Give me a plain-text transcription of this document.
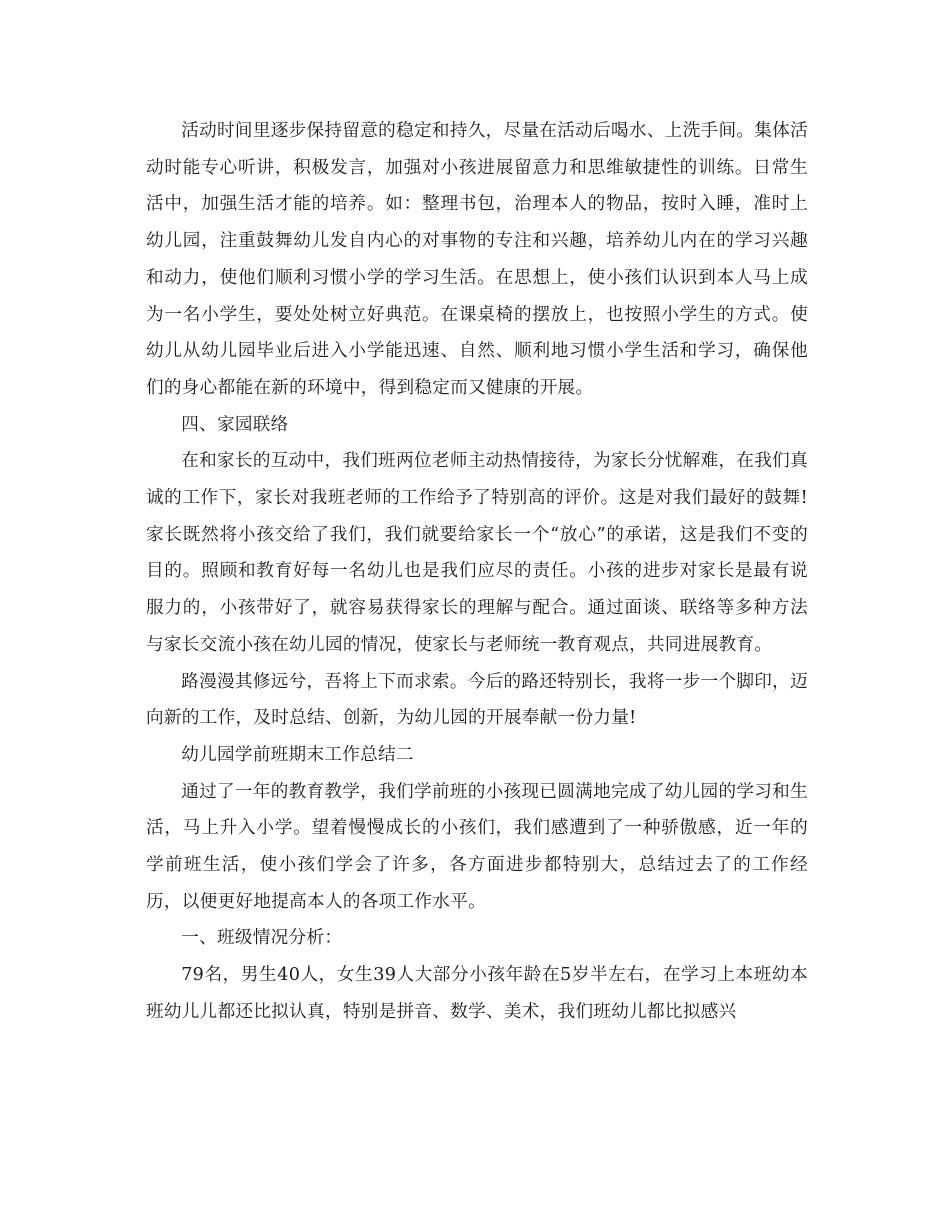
活动时间里逐步保持留意的稳定和持久，尽量在活动后喝水、上洗手间。集体活动时能专心听讲，积极发言，加强对小孩进展留意力和思维敏捷性的训练。日常生活中，加强生活才能的培养。如：整理书包，治理本人的物品，按时入睡，准时上幼儿园，注重鼓舞幼儿发自内心的对事物的专注和兴趣，培养幼儿内在的学习兴趣和动力，使他们顺利习惯小学的学习生活。在思想上，使小孩们认识到本人马上成为一名小学生，要处处树立好典范。在课桌椅的摆放上，也按照小学生的方式。使幼儿从幼儿园毕业后进入小学能迅速、自然、顺利地习惯小学生活和学习，确保他们的身心都能在新的环境中，得到稳定而又健康的开展。

四、家园联络

在和家长的互动中，我们班两位老师主动热情接待，为家长分忧解难，在我们真诚的工作下，家长对我班老师的工作给予了特别高的评价。这是对我们最好的鼓舞!家长既然将小孩交给了我们，我们就要给家长一个“放心”的承诺，这是我们不变的目的。照顾和教育好每一名幼儿也是我们应尽的责任。小孩的进步对家长是最有说服力的，小孩带好了，就容易获得家长的理解与配合。通过面谈、联络等多种方法与家长交流小孩在幼儿园的情况，使家长与老师统一教育观点，共同进展教育。

路漫漫其修远兮，吾将上下而求索。今后的路还特别长，我将一步一个脚印，迈向新的工作，及时总结、创新，为幼儿园的开展奉献一份力量!

幼儿园学前班期末工作总结二

通过了一年的教育教学，我们学前班的小孩现已圆满地完成了幼儿园的学习和生活，马上升入小学。望着慢慢成长的小孩们，我们感遭到了一种骄傲感，近一年的学前班生活，使小孩们学会了许多，各方面进步都特别大，总结过去了的工作经历，以便更好地提高本人的各项工作水平。

一、班级情况分析：

79名，男生40人，女生39人大部分小孩年龄在5岁半左右，在学习上本班幼本班幼儿儿都还比拟认真，特别是拼音、数学、美术，我们班幼儿都比拟感兴
